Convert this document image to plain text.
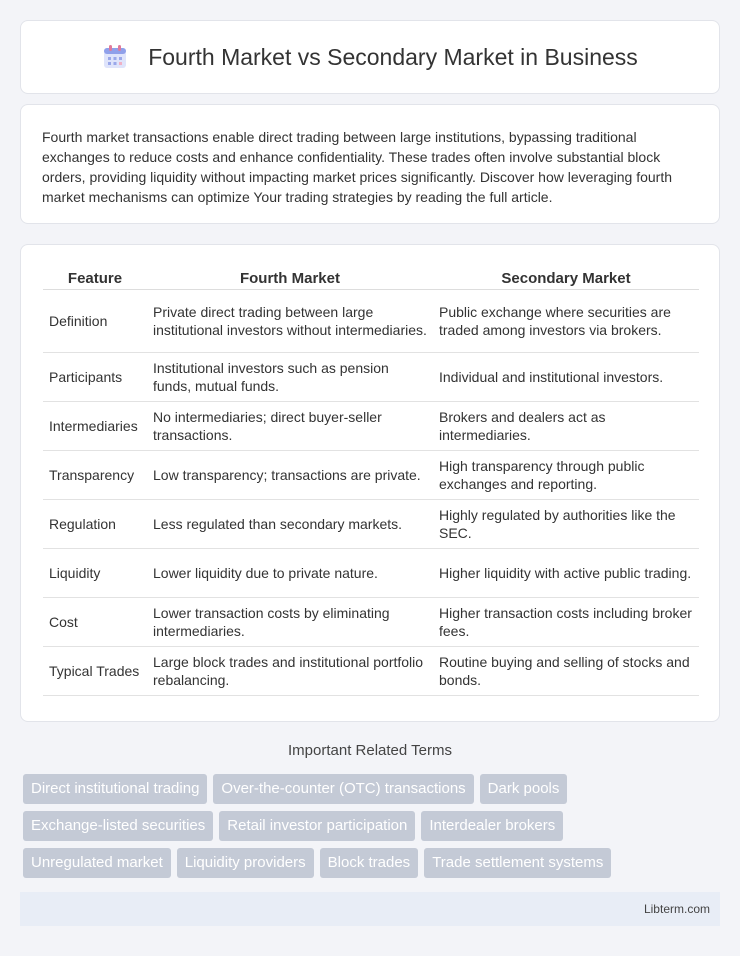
Fourth Market vs Secondary Market in Business

Fourth market transactions enable direct trading between large institutions, bypassing traditional exchanges to reduce costs and enhance confidentiality. These trades often involve substantial block orders, providing liquidity without impacting market prices significantly. Discover how leveraging fourth market mechanisms can optimize Your trading strategies by reading the full article.

Feature	Fourth Market	Secondary Market
Definition	Private direct trading between large institutional investors without intermediaries.	Public exchange where securities are traded among investors via brokers.
Participants	Institutional investors such as pension funds, mutual funds.	Individual and institutional investors.
Intermediaries	No intermediaries; direct buyer-seller transactions.	Brokers and dealers act as intermediaries.
Transparency	Low transparency; transactions are private.	High transparency through public exchanges and reporting.
Regulation	Less regulated than secondary markets.	Highly regulated by authorities like the SEC.
Liquidity	Lower liquidity due to private nature.	Higher liquidity with active public trading.
Cost	Lower transaction costs by eliminating intermediaries.	Higher transaction costs including broker fees.
Typical Trades	Large block trades and institutional portfolio rebalancing.	Routine buying and selling of stocks and bonds.
Important Related Terms
Direct institutional trading	Over-the-counter (OTC) transactions	Dark pools
Exchange-listed securities	Retail investor participation	Interdealer brokers
Unregulated market	Liquidity providers	Block trades	Trade settlement systems
Libterm.com
